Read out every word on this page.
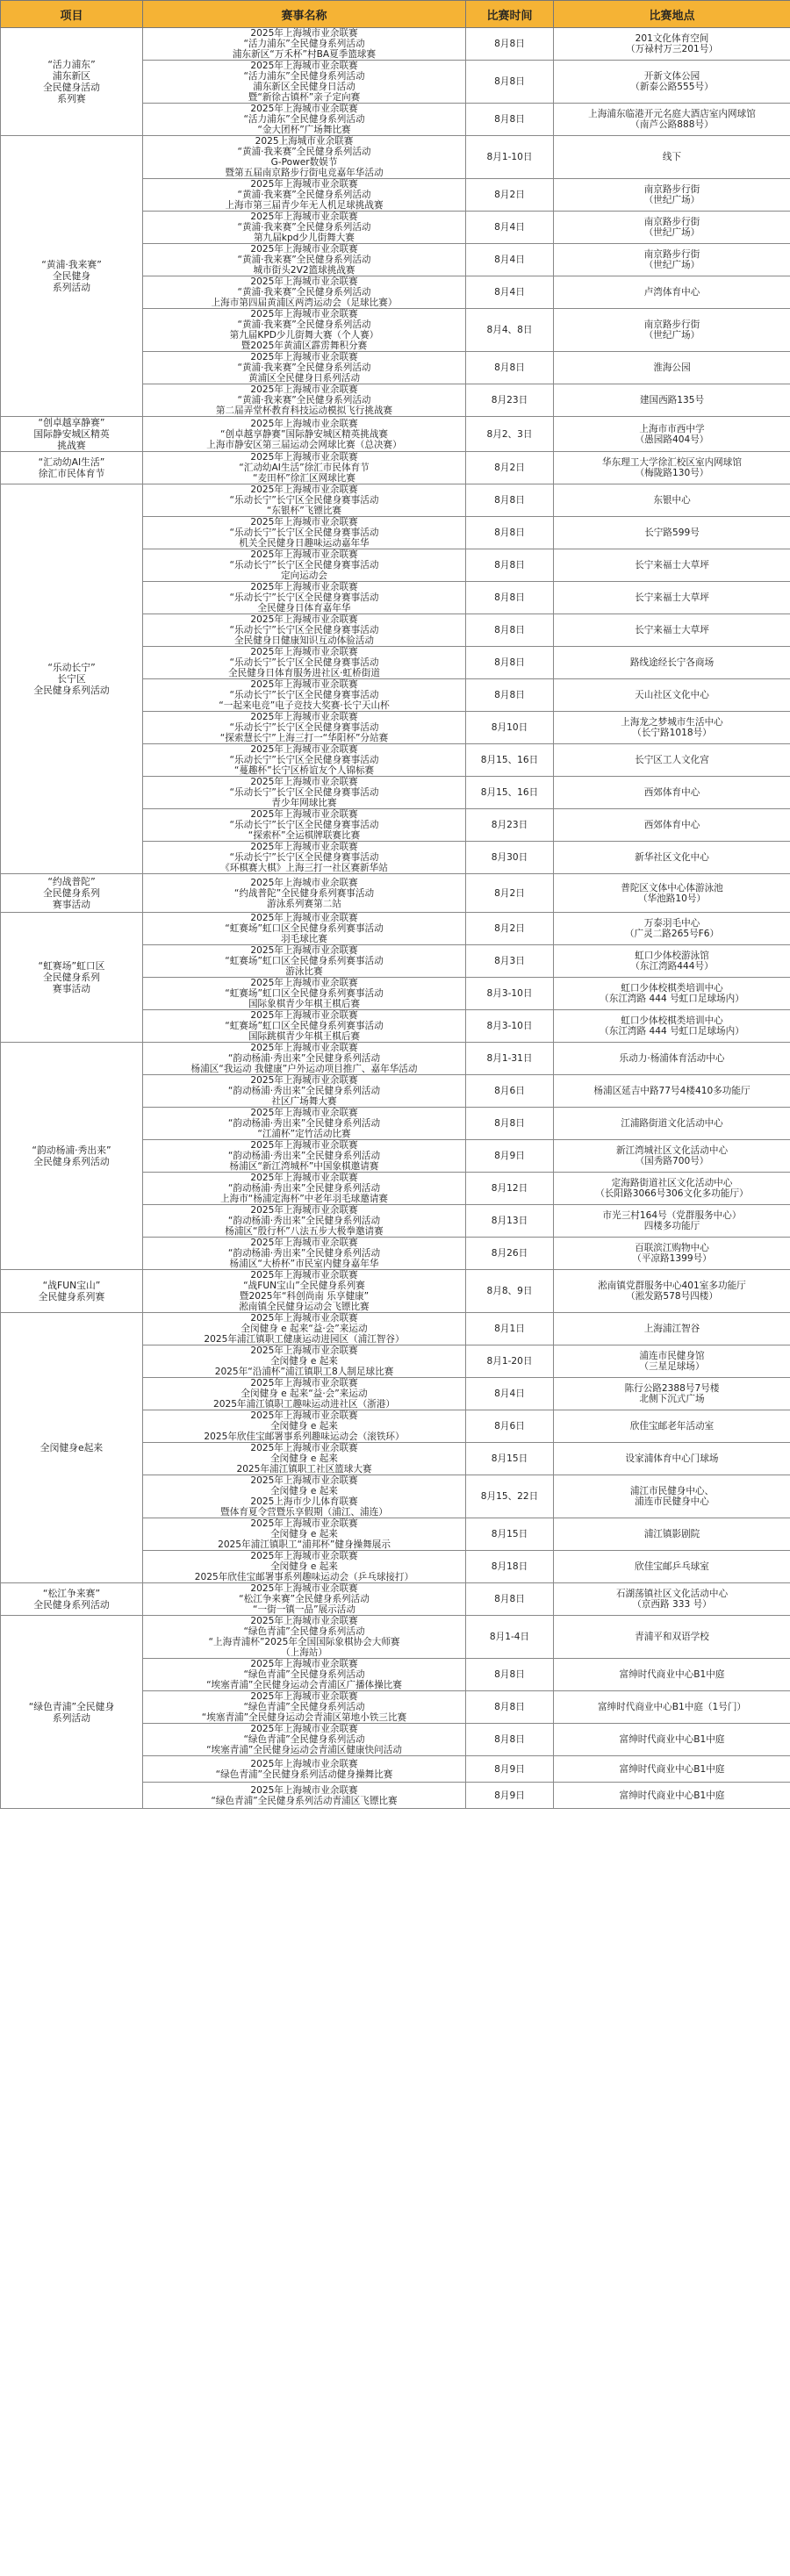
项目	赛事名称	比赛时间	比赛地点
“活力浦东”
浦东新区
全民健身活动
系列赛	2025年上海城市业余联赛
“活力浦东”全民健身系列活动
浦东新区“万禾杯”村BA夏季篮球赛	8月8日	201文化体育空间
（万禄村万三201号）
	2025年上海城市业余联赛
“活力浦东”全民健身系列活动
浦东新区全民健身日活动
暨“新徐古镇杯”亲子定向赛	8月8日	开新文体公园
（新泰公路555号）
	2025年上海城市业余联赛
“活力浦东”全民健身系列活动
“金大团杯”广场舞比赛	8月8日	上海浦东临港开元名庭大酒店室内网球馆
（南芦公路888号）
“黄浦·我来赛”
全民健身
系列活动	2025上海城市业余联赛
“黄浦·我来赛”全民健身系列活动
G-Power数娱节
暨第五届南京路步行街电竞嘉年华活动	8月1-10日	线下
	2025年上海城市业余联赛
“黄浦·我来赛”全民健身系列活动
上海市第三届青少年无人机足球挑战赛	8月2日	南京路步行街
（世纪广场）
	2025年上海城市业余联赛
“黄浦·我来赛”全民健身系列活动
第九届kpd少儿街舞大赛	8月4日	南京路步行街
（世纪广场）
	2025年上海城市业余联赛
“黄浦·我来赛”全民健身系列活动
城市街头2V2篮球挑战赛	8月4日	南京路步行街
（世纪广场）
	2025年上海城市业余联赛
“黄浦·我来赛”全民健身系列活动
上海市第四届黄浦区两湾运动会（足球比赛）	8月4日	卢湾体育中心
	2025年上海城市业余联赛
“黄浦·我来赛”全民健身系列活动
第九届KPD少儿街舞大赛（个人赛）
暨2025年黄浦区霹雳舞积分赛	8月4、8日	南京路步行街
（世纪广场）
	2025年上海城市业余联赛
“黄浦·我来赛”全民健身系列活动
黄浦区全民健身日系列活动	8月8日	淮海公园
	2025年上海城市业余联赛
“黄浦·我来赛”全民健身系列活动
第二届弄堂杯教育科技运动模拟飞行挑战赛	8月23日	建国西路135号
“创卓越享静赛”
国际静安城区精英
挑战赛	2025年上海城市业余联赛
“创卓越享静赛”国际静安城区精英挑战赛
上海市静安区第三届运动会网球比赛（总决赛）	8月2、3日	上海市市西中学
（愚园路404号）
“汇动幼AI生活”
徐汇市民体育节	2025年上海城市业余联赛
“汇动幼AI生活”徐汇市民体育节
“麦田杯”徐汇区网球比赛	8月2日	华东理工大学徐汇校区室内网球馆
（梅陇路130号）
“乐动长宁”
长宁区
全民健身系列活动	2025年上海城市业余联赛
“乐动长宁”长宁区全民健身赛事活动
“东银杯”飞镖比赛	8月8日	东银中心
	2025年上海城市业余联赛
“乐动长宁”长宁区全民健身赛事活动
机关全民健身日趣味运动嘉年华	8月8日	长宁路599号
	2025年上海城市业余联赛
“乐动长宁”长宁区全民健身赛事活动
定向运动会	8月8日	长宁来福士大草坪
	2025年上海城市业余联赛
“乐动长宁”长宁区全民健身赛事活动
全民健身日体育嘉年华	8月8日	长宁来福士大草坪
	2025年上海城市业余联赛
“乐动长宁”长宁区全民健身赛事活动
全民健身日健康知识互动体验活动	8月8日	长宁来福士大草坪
	2025年上海城市业余联赛
“乐动长宁”长宁区全民健身赛事活动
全民健身日体育服务进社区·虹桥街道	8月8日	路线途经长宁各商场
	2025年上海城市业余联赛
“乐动长宁”长宁区全民健身赛事活动
“一起来电竞”电子竞技大奖赛·长宁天山杯	8月8日	天山社区文化中心
	2025年上海城市业余联赛
“乐动长宁”长宁区全民健身赛事活动
“探索慧长宁”上海三打一“华阳杯”分站赛	8月10日	上海龙之梦城市生活中心
（长宁路1018号）
	2025年上海城市业余联赛
“乐动长宁”长宁区全民健身赛事活动
“蔓趣杯”长宁区桥谊友个人锦标赛	8月15、16日	长宁区工人文化宫
	2025年上海城市业余联赛
“乐动长宁”长宁区全民健身赛事活动
青少年网球比赛	8月15、16日	西郊体育中心
	2025年上海城市业余联赛
“乐动长宁”长宁区全民健身赛事活动
“探索杯”全运棋牌联赛比赛	8月23日	西郊体育中心
	2025年上海城市业余联赛
“乐动长宁”长宁区全民健身赛事活动
《环棋赛大棋》上海三打一社区赛新华站	8月30日	新华社区文化中心
“约战普陀”
全民健身系列
赛事活动	2025年上海城市业余联赛
“约战普陀”全民健身系列赛事活动
游泳系列赛第二站	8月2日	普陀区文体中心体游泳池
（华池路10号）
“虹赛场”虹口区
全民健身系列
赛事活动	2025年上海城市业余联赛
“虹赛场”虹口区全民健身系列赛事活动
羽毛球比赛	8月2日	万泰羽毛中心
（广灵二路265号F6）
	2025年上海城市业余联赛
“虹赛场”虹口区全民健身系列赛事活动
游泳比赛	8月3日	虹口少体校游泳馆
（东江湾路444号）
	2025年上海城市业余联赛
“虹赛场”虹口区全民健身系列赛事活动
国际象棋青少年棋王棋后赛	8月3-10日	虹口少体校棋类培训中心
（东江湾路 444 号虹口足球场内）
	2025年上海城市业余联赛
“虹赛场”虹口区全民健身系列赛事活动
国际跳棋青少年棋王棋后赛	8月3-10日	虹口少体校棋类培训中心
（东江湾路 444 号虹口足球场内）
“韵动杨浦·秀出来”
全民健身系列活动	2025年上海城市业余联赛
“韵动杨浦·秀出来”全民健身系列活动
杨浦区“我运动 我健康”户外运动项目推广、嘉年华活动	8月1-31日	乐动力·杨浦体育活动中心
	2025年上海城市业余联赛
“韵动杨浦·秀出来”全民健身系列活动
社区广场舞大赛	8月6日	杨浦区延吉中路77号4楼410多功能厅
	2025年上海城市业余联赛
“韵动杨浦·秀出来”全民健身系列活动
“江浦杯”定竹活动比赛	8月8日	江浦路街道文化活动中心
	2025年上海城市业余联赛
“韵动杨浦·秀出来”全民健身系列活动
杨浦区“新江湾城杯”中国象棋邀请赛	8月9日	新江湾城社区文化活动中心
（国秀路700号）
	2025年上海城市业余联赛
“韵动杨浦·秀出来”全民健身系列活动
上海市“杨浦定海杯”中老年羽毛球邀请赛	8月12日	定海路街道社区文化活动中心
（长阳路3066号306文化多功能厅）
	2025年上海城市业余联赛
“韵动杨浦·秀出来”全民健身系列活动
杨浦区“殷行杯”八法五步大极拳邀请赛	8月13日	市光三村164号（党群服务中心）
四楼多功能厅
	2025年上海城市业余联赛
“韵动杨浦·秀出来”全民健身系列活动
杨浦区“大桥杯”市民室内健身嘉年华	8月26日	百联滨江购物中心
（平凉路1399号）
“战FUN宝山”
全民健身系列赛	2025年上海城市业余联赛
“战FUN宝山”全民健身系列赛
暨2025年“科创尚南 乐享健康”
淞南镇全民健身运动会飞镖比赛	8月8、9日	淞南镇党群服务中心401室多功能厅
（淞发路578号四楼）
全闵健身e起来	2025年上海城市业余联赛
全闵健身 e 起来“益·会”来运动
2025年浦江镇职工健康运动进园区（浦江智谷）	8月1日	上海浦江智谷
	2025年上海城市业余联赛
全闵健身 e 起来
2025年“沿浦杯”浦江镇职工8人制足球比赛	8月1-20日	浦连市民健身馆
（三星足球场）
	2025年上海城市业余联赛
全闵健身 e 起来“益·会”来运动
2025年浦江镇职工趣味运动进社区（浙港）	8月4日	陈行公路2388号7号楼
北侧下沉式广场
	2025年上海城市业余联赛
全闵健身 e 起来
2025年欣佳宝邮署事系列趣味运动会（滚铁环）	8月6日	欣佳宝邮老年活动室
	2025年上海城市业余联赛
全闵健身 e 起来
2025年浦江镇职工社区篮球大赛	8月15日	设家浦体育中心门球场
	2025年上海城市业余联赛
全闵健身 e 起来
2025上海市少儿体育联赛
暨体育夏令营暨乐享假期（浦江、浦连）	8月15、22日	浦江市民健身中心、
浦连市民健身中心
	2025年上海城市业余联赛
全闵健身 e 起来
2025年浦江镇职工“浦邦杯”健身操舞展示	8月15日	浦江镇影剧院
	2025年上海城市业余联赛
全闵健身 e 起来
2025年欣佳宝邮署事系列趣味运动会（乒乓球接打）	8月18日	欣佳宝邮乒乓球室
“松江争来赛”
全民健身系列活动	2025年上海城市业余联赛
“松江争来赛”全民健身系列活动
“一街一镇一品”展示活动	8月8日	石湖荡镇社区文化活动中心
（京西路 333 号）
“绿色青浦”全民健身
系列活动	2025年上海城市业余联赛
“绿色青浦”全民健身系列活动
“上海青浦杯”2025年全国国际象棋协会大师赛
（上海站）	8月1-4日	青浦平和双语学校
	2025年上海城市业余联赛
“绿色青浦”全民健身系列活动
“埃塞青浦”全民健身运动会青浦区广播体操比赛	8月8日	富绅时代商业中心B1中庭
	2025年上海城市业余联赛
“绿色青浦”全民健身系列活动
“埃塞青浦”全民健身运动会青浦区第地小铁三比赛	8月8日	富绅时代商业中心B1中庭（1号门）
	2025年上海城市业余联赛
“绿色青浦”全民健身系列活动
“埃塞青浦”全民健身运动会青浦区健康快问活动	8月8日	富绅时代商业中心B1中庭
	2025年上海城市业余联赛
“绿色青浦”全民健身系列活动健身操舞比赛	8月9日	富绅时代商业中心B1中庭
	2025年上海城市业余联赛
“绿色青浦”全民健身系列活动青浦区飞镖比赛	8月9日	富绅时代商业中心B1中庭
